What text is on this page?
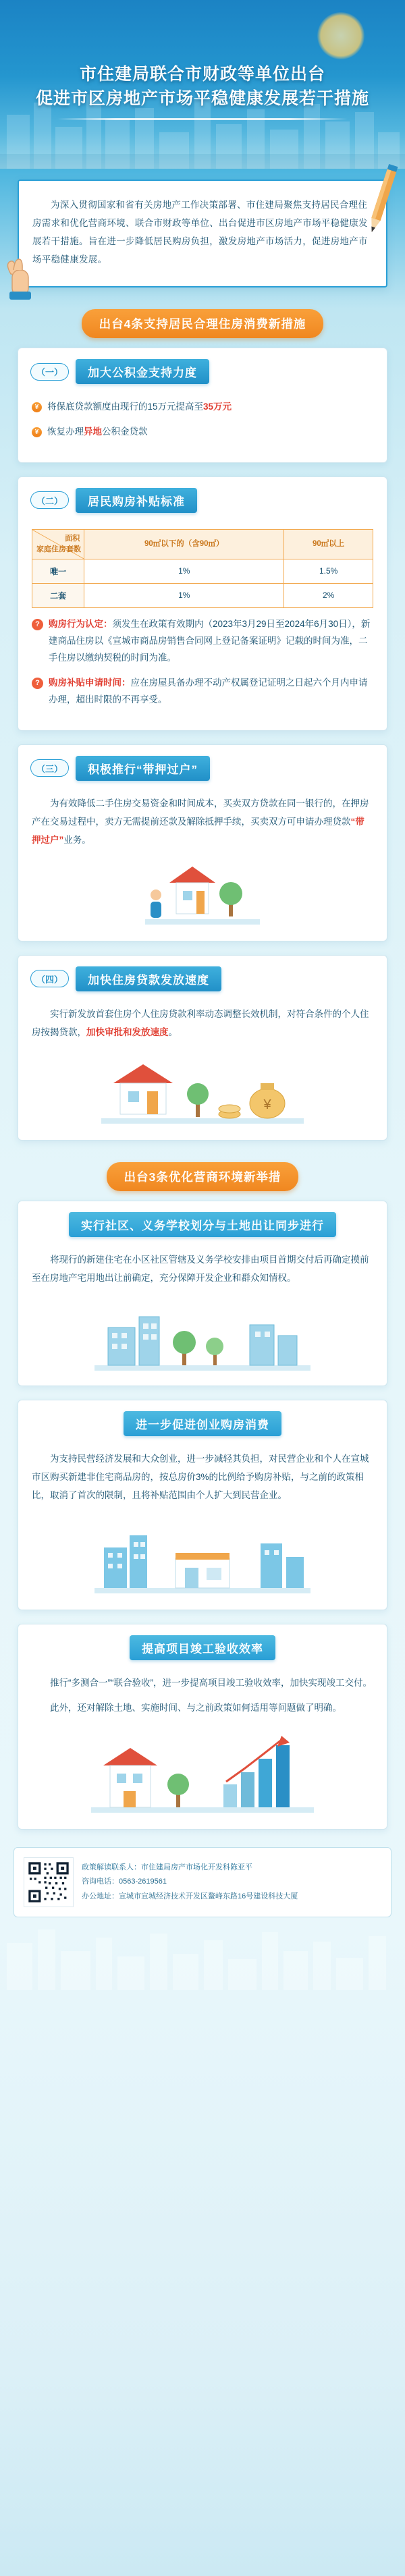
市住建局联合市财政等单位出台
促进市区房地产市场平稳健康发展若干措施

为深入贯彻国家和省有关房地产工作决策部署、市住建局聚焦支持居民合理住房需求和优化营商环境、联合市财政等单位、出台促进市区房地产市场平稳健康发展若干措施。旨在进一步降低居民购房负担，激发房地产市场活力，促进房地产市场平稳健康发展。

出台4条支持居民合理住房消费新措施
（一）	加大公积金支持力度
¥ 将保底贷款额度由现行的15万元提高至35万元
¥ 恢复办理异地公积金贷款
（二）	居民购房补贴标准
面积
家庭住房套数	90㎡以下的（含90㎡）	90㎡以上
唯一	1%	1.5%
二套	1%	2%
? 购房行为认定：须发生在政策有效期内（2023年3月29日至2024年6月30日），新建商品住房以《宣城市商品房销售合同网上登记备案证明》记载的时间为准，二手住房以缴纳契税的时间为准。
? 购房补贴申请时间：应在房屋具备办理不动产权属登记证明之日起六个月内申请办理，超出时限的不再享受。
（三）	积极推行“带押过户”

为有效降低二手住房交易资金和时间成本，买卖双方贷款在同一银行的，在押房产在交易过程中，卖方无需提前还款及解除抵押手续，买卖双方可申请办理贷款“带押过户”业务。

（四）	加快住房贷款发放速度

实行新发放首套住房个人住房贷款利率动态调整长效机制，对符合条件的个人住房按揭贷款，加快审批和发放速度。

¥
出台3条优化营商环境新举措
实行社区、义务学校划分与土地出让同步进行

将现行的新建住宅在小区社区管辖及义务学校安排由项目首期交付后再确定摸前至在房地产宅用地出让前确定，充分保障开发企业和群众知情权。

进一步促进创业购房消费

为支持民营经济发展和大众创业，进一步减轻其负担，对民营企业和个人在宣城市区购买新建非住宅商品房的，按总房价3%的比例给予购房补贴，与之前的政策相比，取消了首次的限制，且将补贴范围由个人扩大到民营企业。

提高项目竣工验收效率

推行“多测合一”“联合验收”，进一步提高项目竣工验收效率，加快实现竣工交付。

此外，还对解除土地、实施时间、与之前政策如何适用等问题做了明确。

政策解读联系人：市住建局房产市场化开发科陈亚平
咨询电话：0563-2619561
办公地址：宣城市宣城经济技术开发区鳌峰东路16号建设科技大厦
